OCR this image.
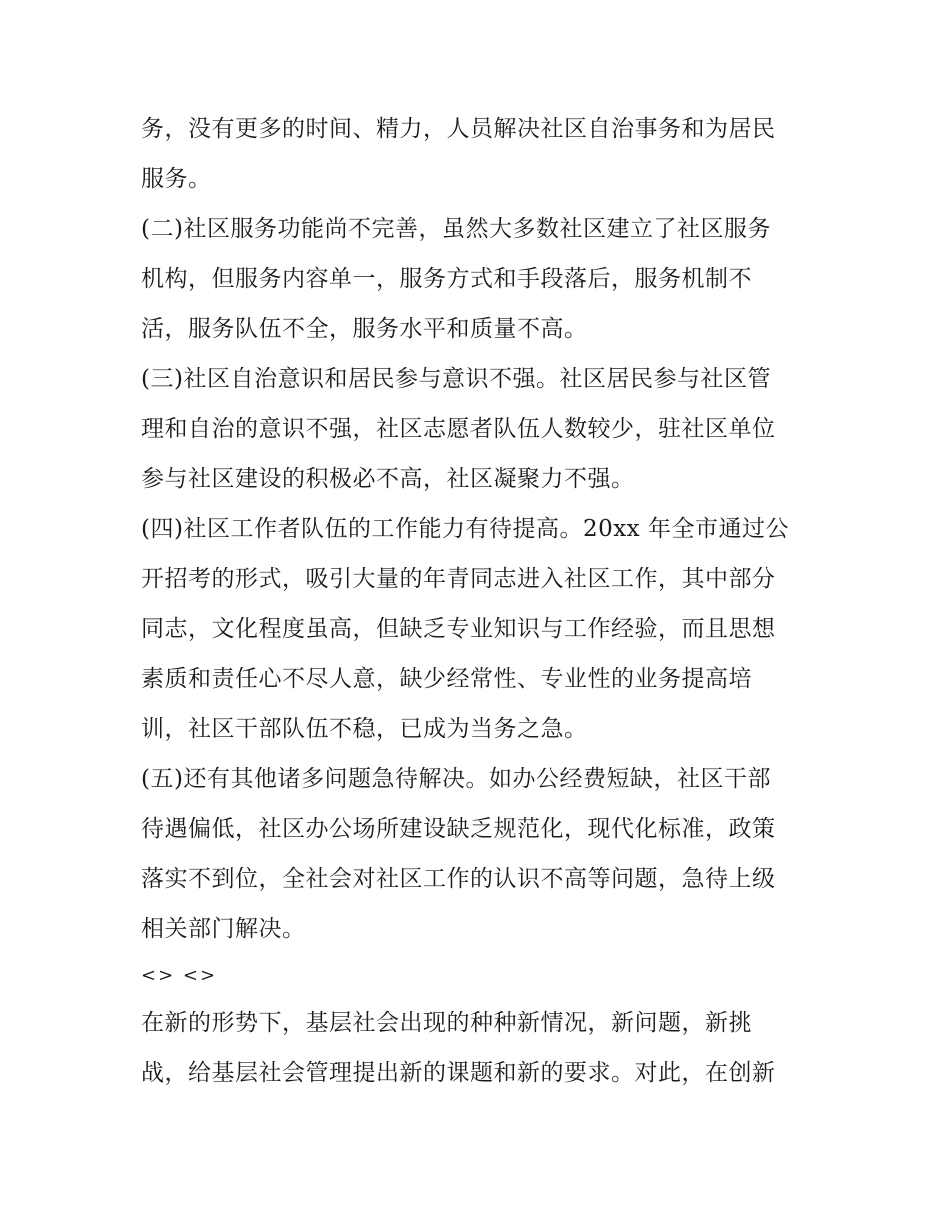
务，没有更多的时间、精力，人员解决社区自治事务和为居民
服务。
(二)社区服务功能尚不完善，虽然大多数社区建立了社区服务
机构，但服务内容单一，服务方式和手段落后，服务机制不
活，服务队伍不全，服务水平和质量不高。
(三)社区自治意识和居民参与意识不强。社区居民参与社区管
理和自治的意识不强，社区志愿者队伍人数较少，驻社区单位
参与社区建设的积极必不高，社区凝聚力不强。
(四)社区工作者队伍的工作能力有待提高。20xx 年全市通过公
开招考的形式，吸引大量的年青同志进入社区工作，其中部分
同志，文化程度虽高，但缺乏专业知识与工作经验，而且思想
素质和责任心不尽人意，缺少经常性、专业性的业务提高培
训，社区干部队伍不稳，已成为当务之急。
(五)还有其他诸多问题急待解决。如办公经费短缺，社区干部
待遇偏低，社区办公场所建设缺乏规范化，现代化标准，政策
落实不到位，全社会对社区工作的认识不高等问题，急待上级
相关部门解决。
<> <>
在新的形势下，基层社会出现的种种新情况，新问题，新挑
战，给基层社会管理提出新的课题和新的要求。对此，在创新
